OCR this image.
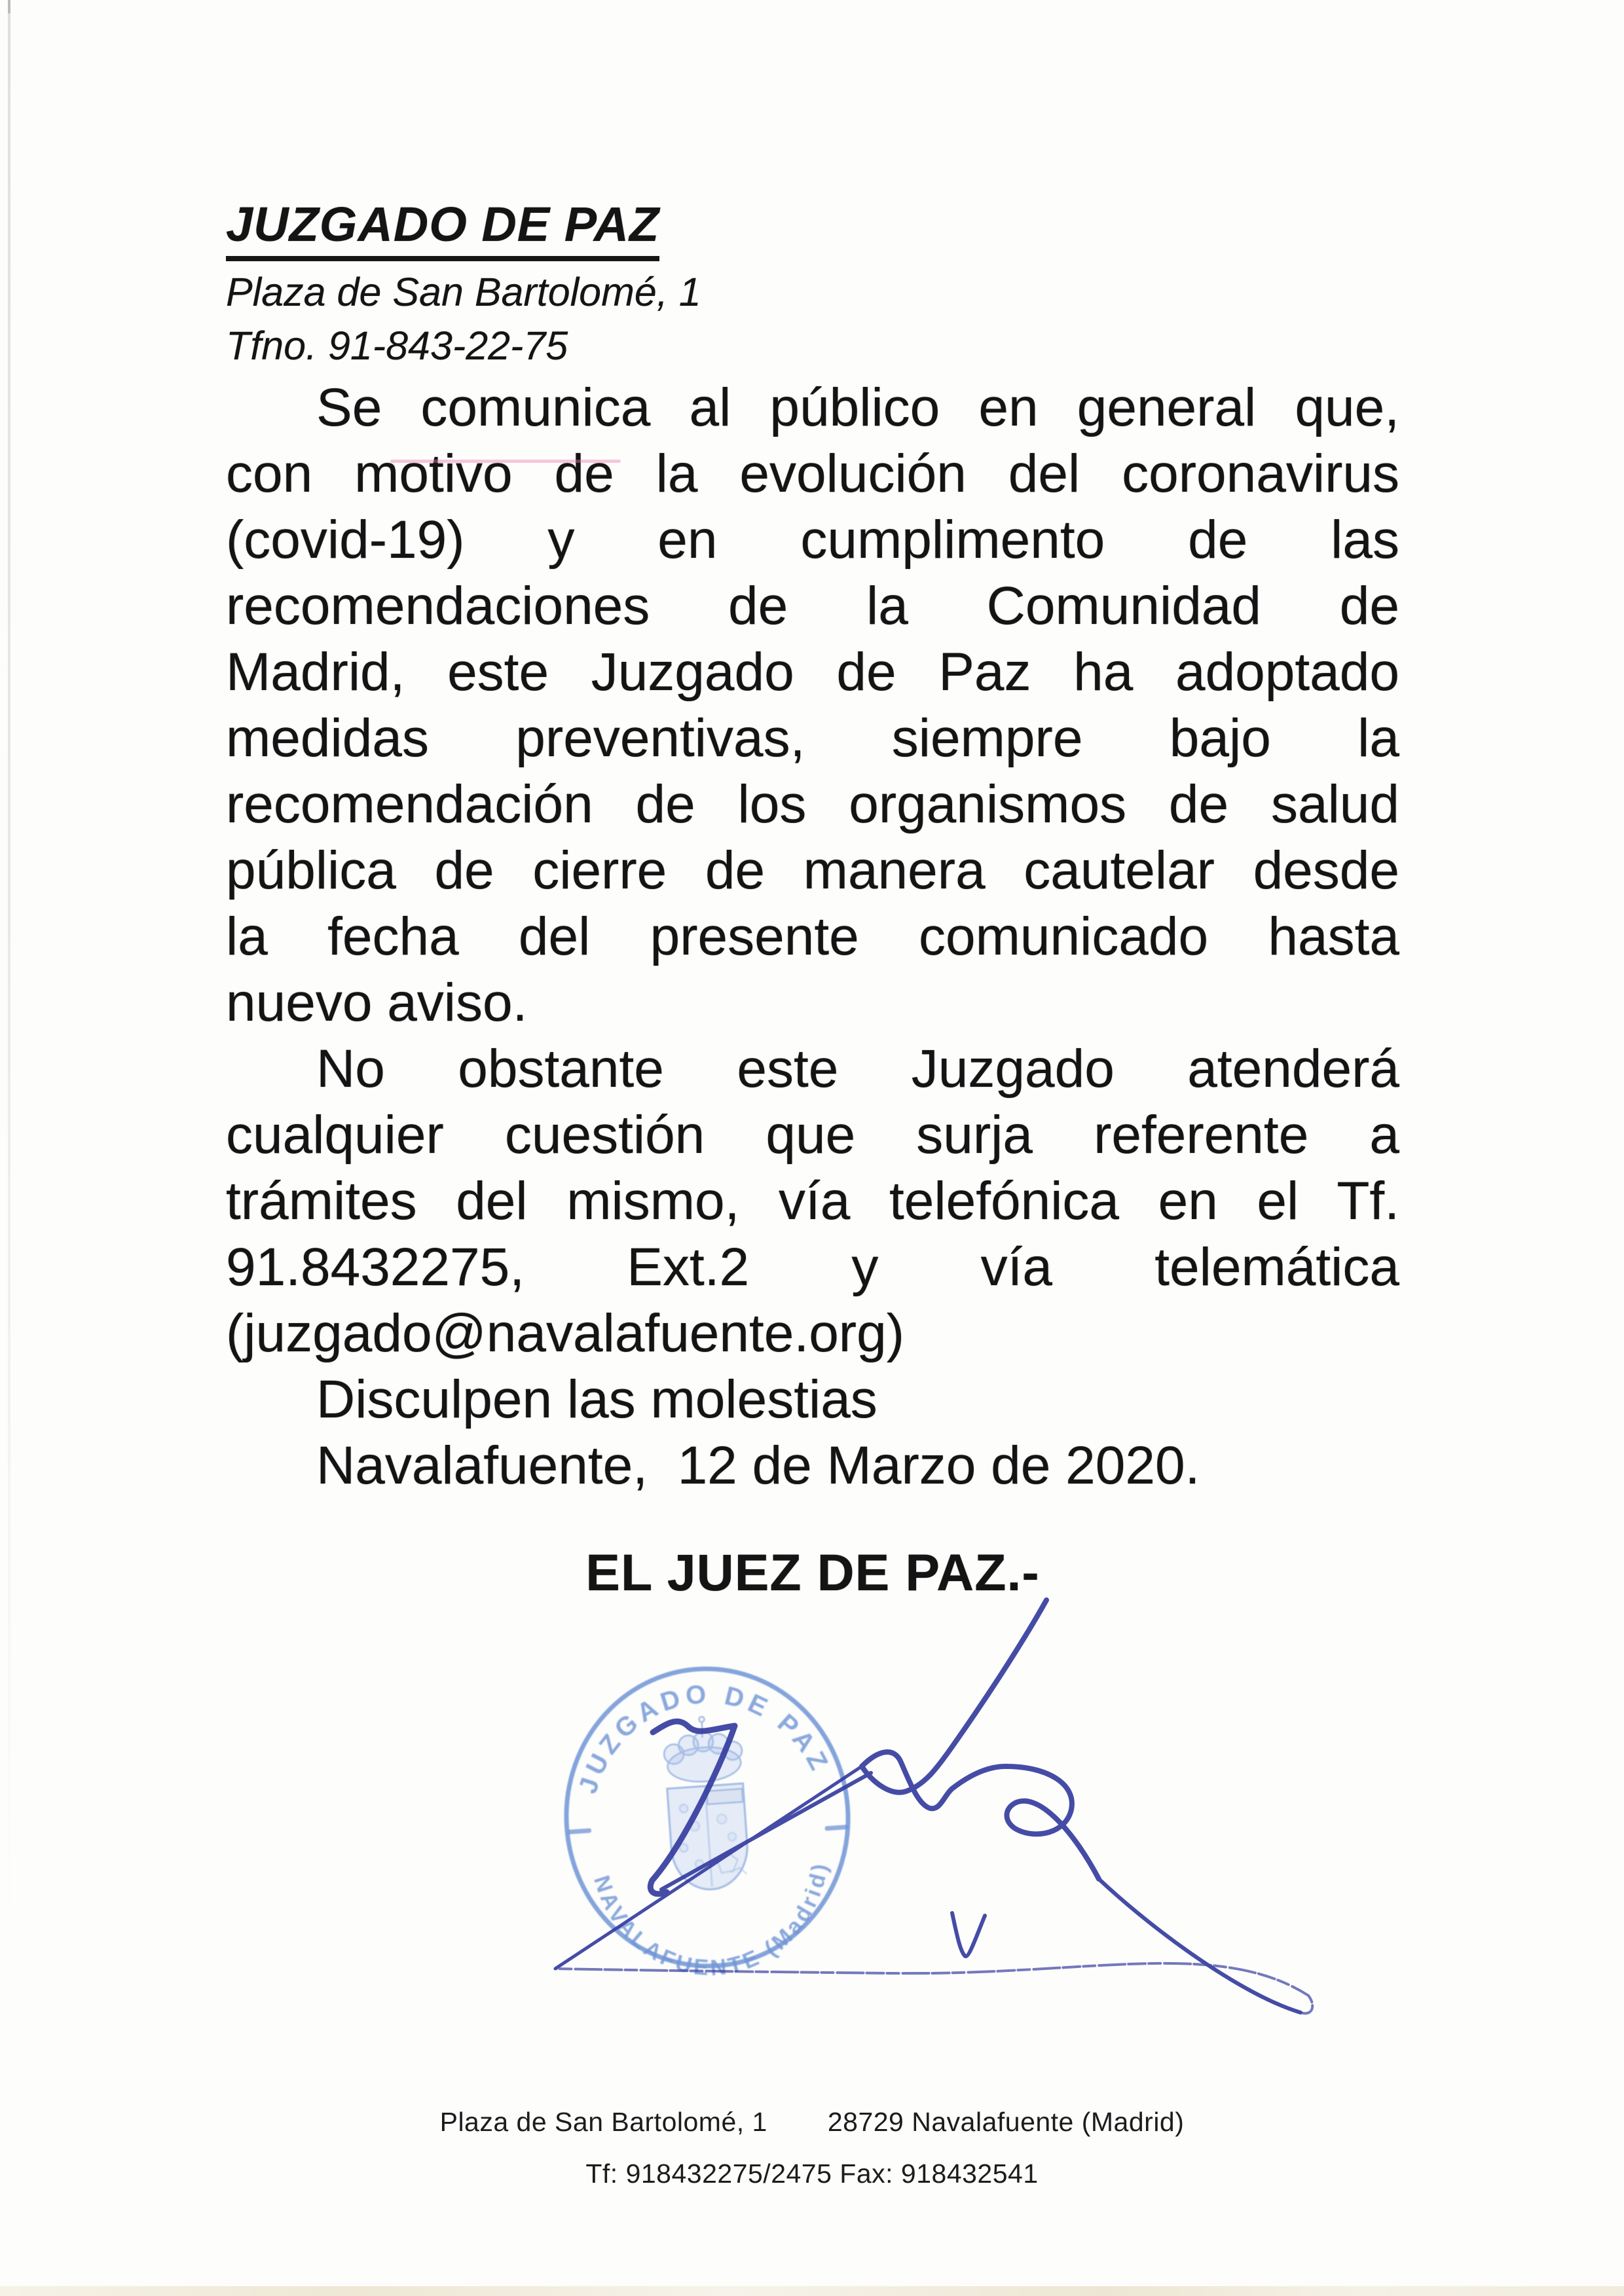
JUZGADO DE PAZ
Plaza de San Bartolomé, 1
Tfno. 91-843-22-75
Se comunica al público en general que,
con motivo de la evolución del coronavirus
(covid-19) y en cumplimento de las
recomendaciones de la Comunidad de
Madrid, este Juzgado de Paz ha adoptado
medidas preventivas, siempre bajo la
recomendación de los organismos de salud
pública de cierre de manera cautelar desde
la fecha del presente comunicado hasta
nuevo aviso.
No obstante este Juzgado atenderá
cualquier cuestión que surja referente a
trámites del mismo, vía telefónica en el Tf.
91.8432275, Ext.2 y vía telemática
(juzgado@navalafuente.org)
Disculpen las molestias
Navalafuente,  12 de Marzo de 2020.
EL JUEZ DE PAZ.-
JUZGADO DE PAZ
NAVALAFUENTE (Madrid)
Plaza de San Bartolomé, 1 28729 Navalafuente (Madrid)
Tf: 918432275/2475 Fax: 918432541
